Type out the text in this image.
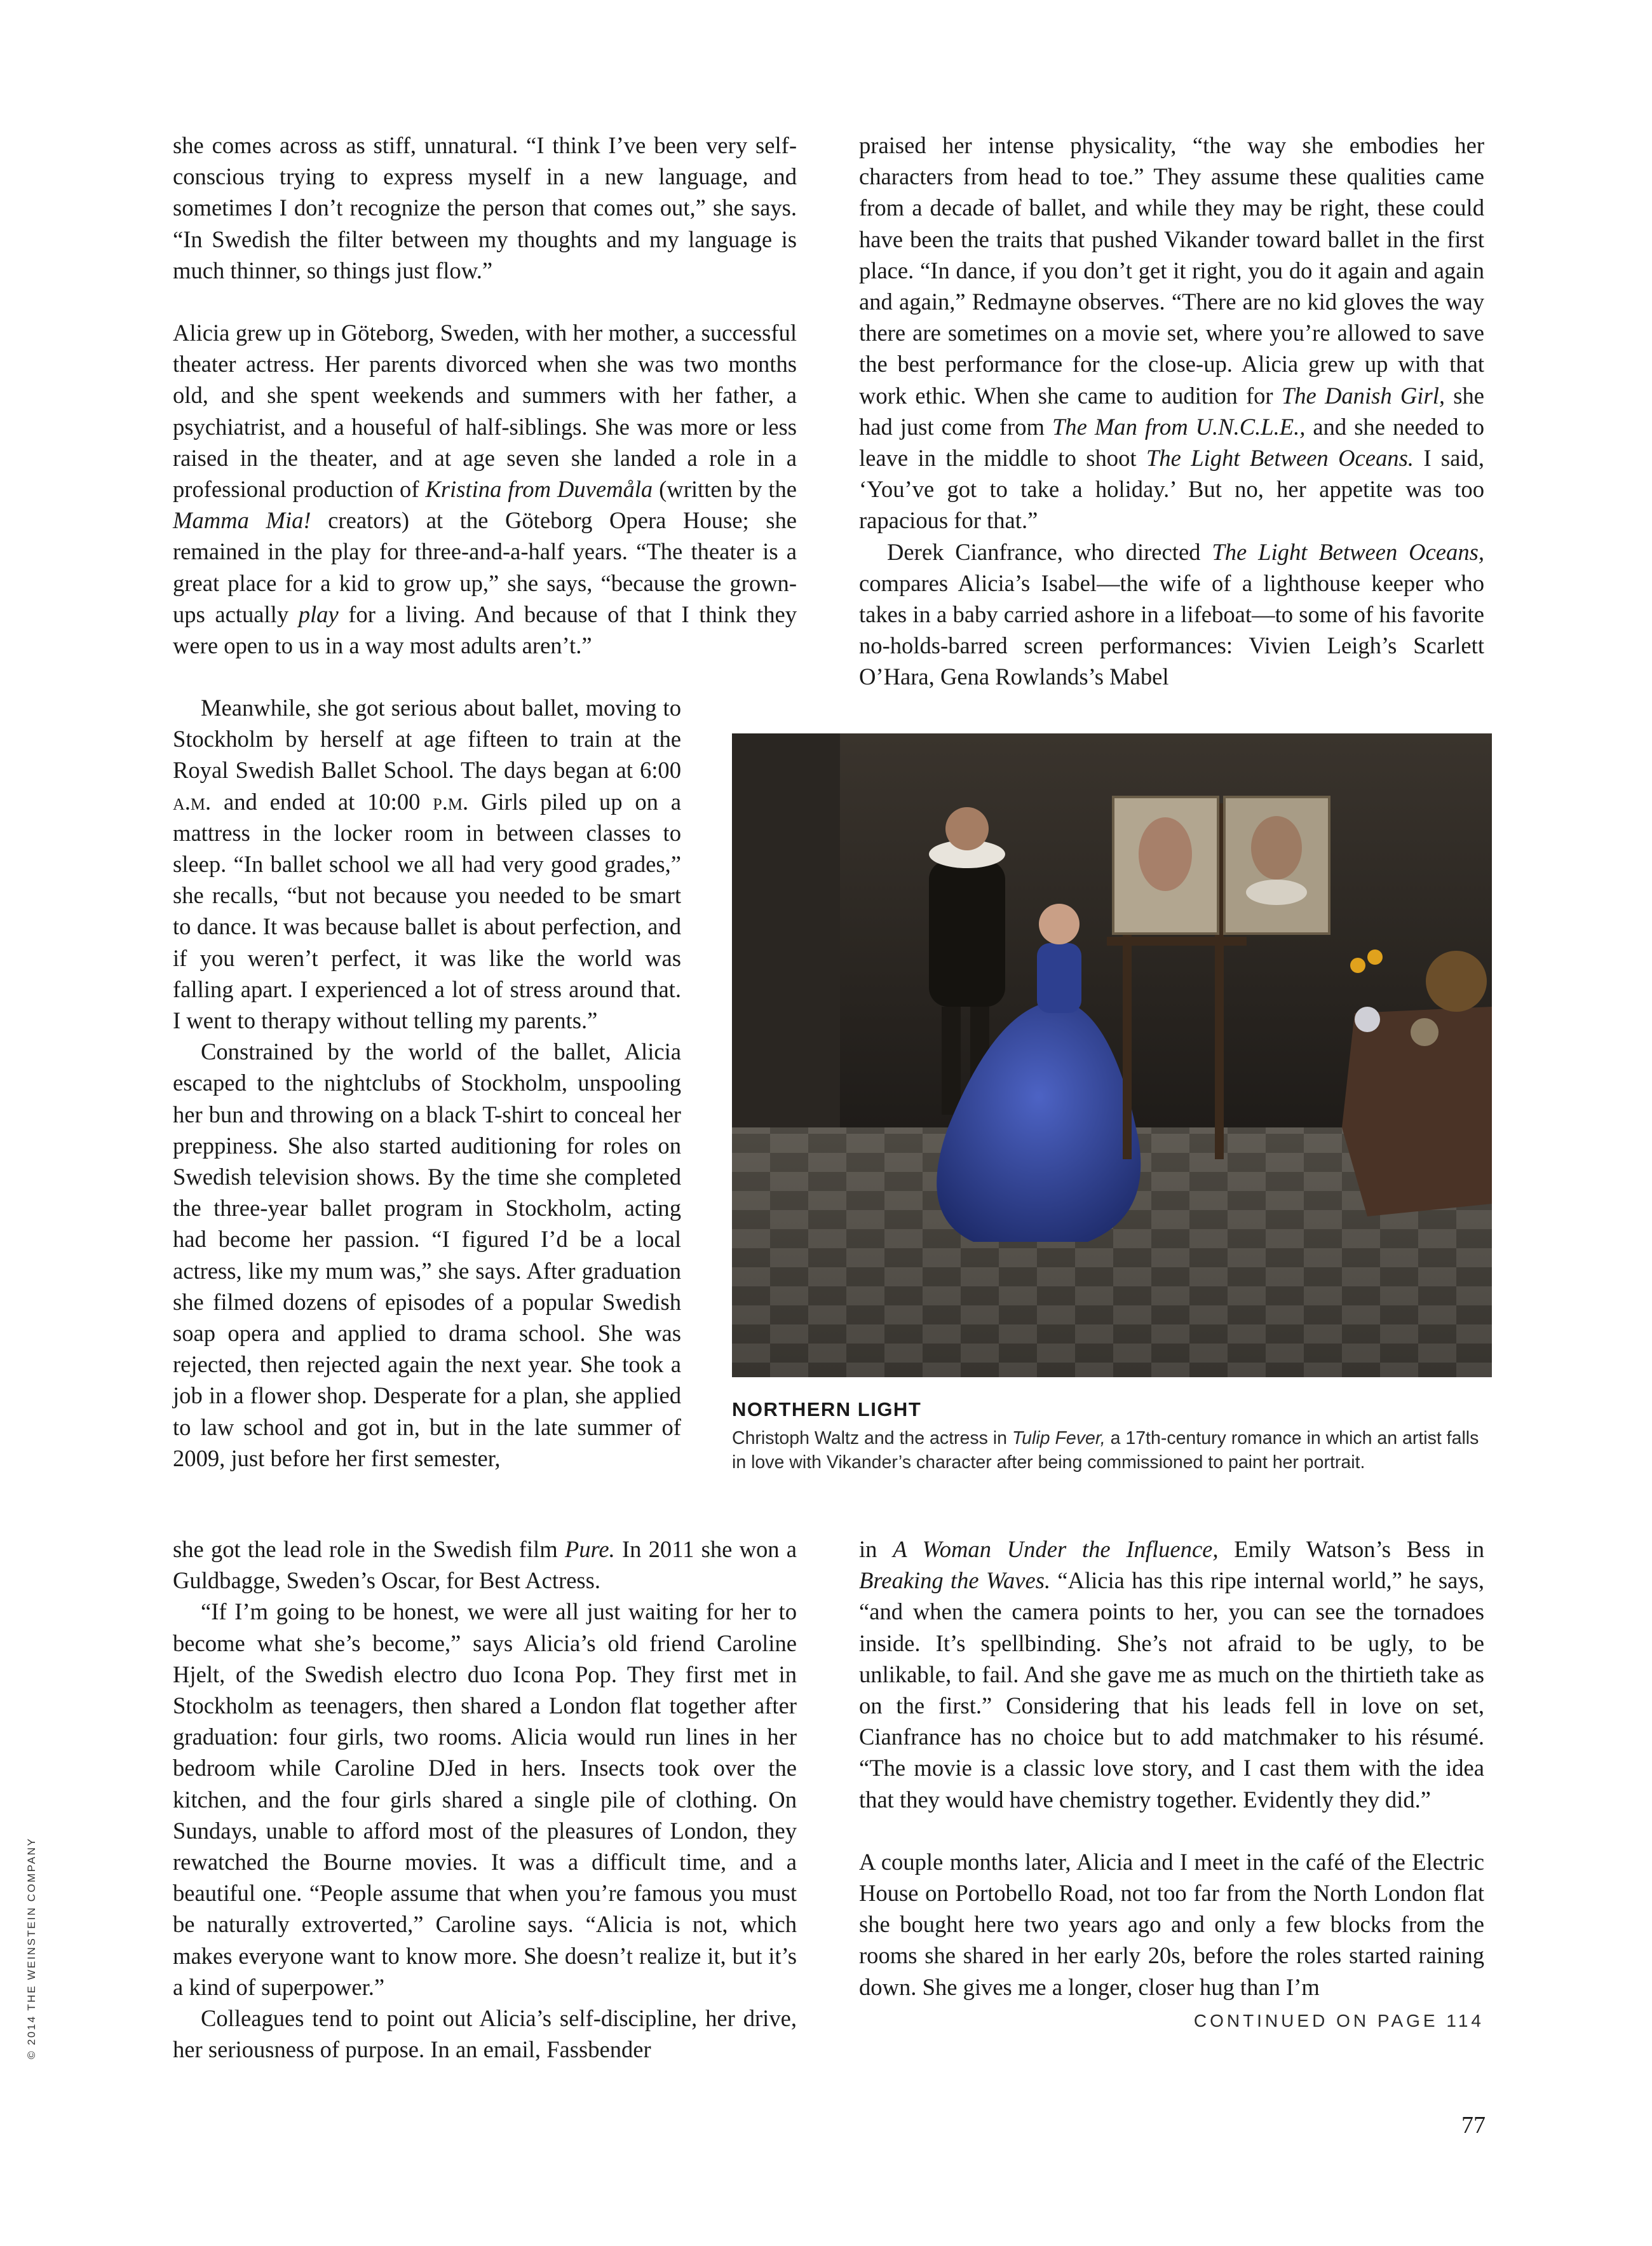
she comes across as stiff, unnatural. “I think I’ve been very self-conscious trying to express myself in a new language, and sometimes I don’t recognize the person that comes out,” she says. “In Swedish the filter between my thoughts and my language is much thinner, so things just flow.”

Alicia grew up in Göteborg, Sweden, with her mother, a successful theater actress. Her parents divorced when she was two months old, and she spent weekends and summers with her father, a psychiatrist, and a houseful of half-siblings. She was more or less raised in the theater, and at age seven she landed a role in a professional production of Kristina from Duvemåla (written by the Mamma Mia! creators) at the Göteborg Opera House; she remained in the play for three-and-a-half years. “The theater is a great place for a kid to grow up,” she says, “because the grown-ups actually play for a living. And because of that I think they were open to us in a way most adults aren’t.”

Meanwhile, she got serious about ballet, moving to Stockholm by herself at age fifteen to train at the Royal Swedish Ballet School. The days began at 6:00 a.m. and ended at 10:00 p.m. Girls piled up on a mattress in the locker room in between classes to sleep. “In ballet school we all had very good grades,” she recalls, “but not because you needed to be smart to dance. It was because ballet is about perfection, and if you weren’t perfect, it was like the world was falling apart. I experienced a lot of stress around that. I went to therapy without telling my parents.”

Constrained by the world of the ballet, Alicia escaped to the nightclubs of Stockholm, unspooling her bun and throwing on a black T-shirt to conceal her preppiness. She also started auditioning for roles on Swedish television shows. By the time she completed the three-year ballet program in Stockholm, acting had become her passion. “I figured I’d be a local actress, like my mum was,” she says. After graduation she filmed dozens of episodes of a popular Swedish soap opera and applied to drama school. She was rejected, then rejected again the next year. She took a job in a flower shop. Desperate for a plan, she applied to law school and got in, but in the late summer of 2009, just before her first semester,

she got the lead role in the Swedish film Pure. In 2011 she won a Guldbagge, Sweden’s Oscar, for Best Actress.

“If I’m going to be honest, we were all just waiting for her to become what she’s become,” says Alicia’s old friend Caroline Hjelt, of the Swedish electro duo Icona Pop. They first met in Stockholm as teenagers, then shared a London flat together after graduation: four girls, two rooms. Alicia would run lines in her bedroom while Caroline DJed in hers. Insects took over the kitchen, and the four girls shared a single pile of clothing. On Sundays, unable to afford most of the pleasures of London, they rewatched the Bourne movies. It was a difficult time, and a beautiful one. “People assume that when you’re famous you must be naturally extroverted,” Caroline says. “Alicia is not, which makes everyone want to know more. She doesn’t realize it, but it’s a kind of superpower.”

Colleagues tend to point out Alicia’s self-discipline, her drive, her seriousness of purpose. In an email, Fassbender

praised her intense physicality, “the way she embodies her characters from head to toe.” They assume these qualities came from a decade of ballet, and while they may be right, these could have been the traits that pushed Vikander toward ballet in the first place. “In dance, if you don’t get it right, you do it again and again and again,” Redmayne observes. “There are no kid gloves the way there are sometimes on a movie set, where you’re allowed to save the best performance for the close-up. Alicia grew up with that work ethic. When she came to audition for The Danish Girl, she had just come from The Man from U.N.C.L.E., and she needed to leave in the middle to shoot The Light Between Oceans. I said, ‘You’ve got to take a holiday.’ But no, her appetite was too rapacious for that.”

Derek Cianfrance, who directed The Light Between Oceans, compares Alicia’s Isabel—the wife of a lighthouse keeper who takes in a baby carried ashore in a lifeboat—to some of his favorite no-holds-barred screen performances: Vivien Leigh’s Scarlett O’Hara, Gena Rowlands’s Mabel

NORTHERN LIGHT
Christoph Waltz and the actress in Tulip Fever, a 17th-century romance in which an artist falls in love with Vikander’s character after being commissioned to paint her portrait.

in A Woman Under the Influence, Emily Watson’s Bess in Breaking the Waves. “Alicia has this ripe internal world,” he says, “and when the camera points to her, you can see the tornadoes inside. It’s spellbinding. She’s not afraid to be ugly, to be unlikable, to fail. And she gave me as much on the thirtieth take as on the first.” Considering that his leads fell in love on set, Cianfrance has no choice but to add matchmaker to his résumé. “The movie is a classic love story, and I cast them with the idea that they would have chemistry together. Evidently they did.”

A couple months later, Alicia and I meet in the café of the Electric House on Portobello Road, not too far from the North London flat she bought here two years ago and only a few blocks from the rooms she shared in her early 20s, before the roles started raining down. She gives me a longer, closer hug than I’m
CONTINUED ON PAGE 114

© 2014 THE WEINSTEIN COMPANY
77
